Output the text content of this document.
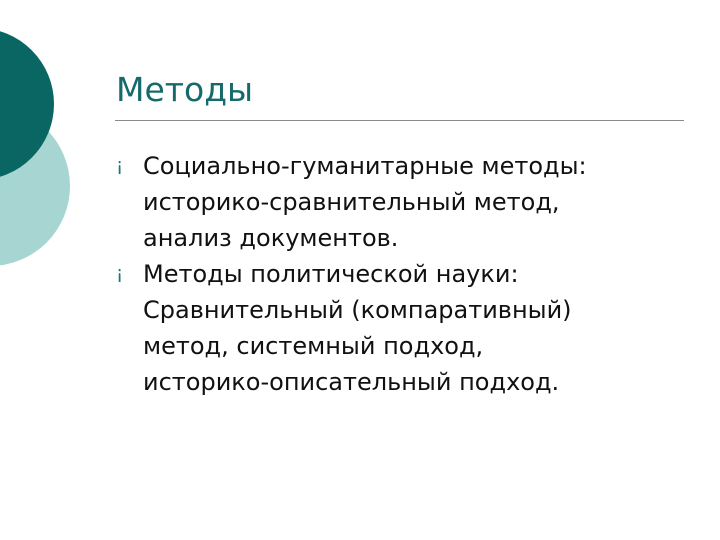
Методы
¡ Социально-гуманитарные методы:
историко-сравнительный метод,
анализ документов.
¡ Методы политической науки:
Сравнительный (компаративный)
метод, системный подход,
историко-описательный подход.
